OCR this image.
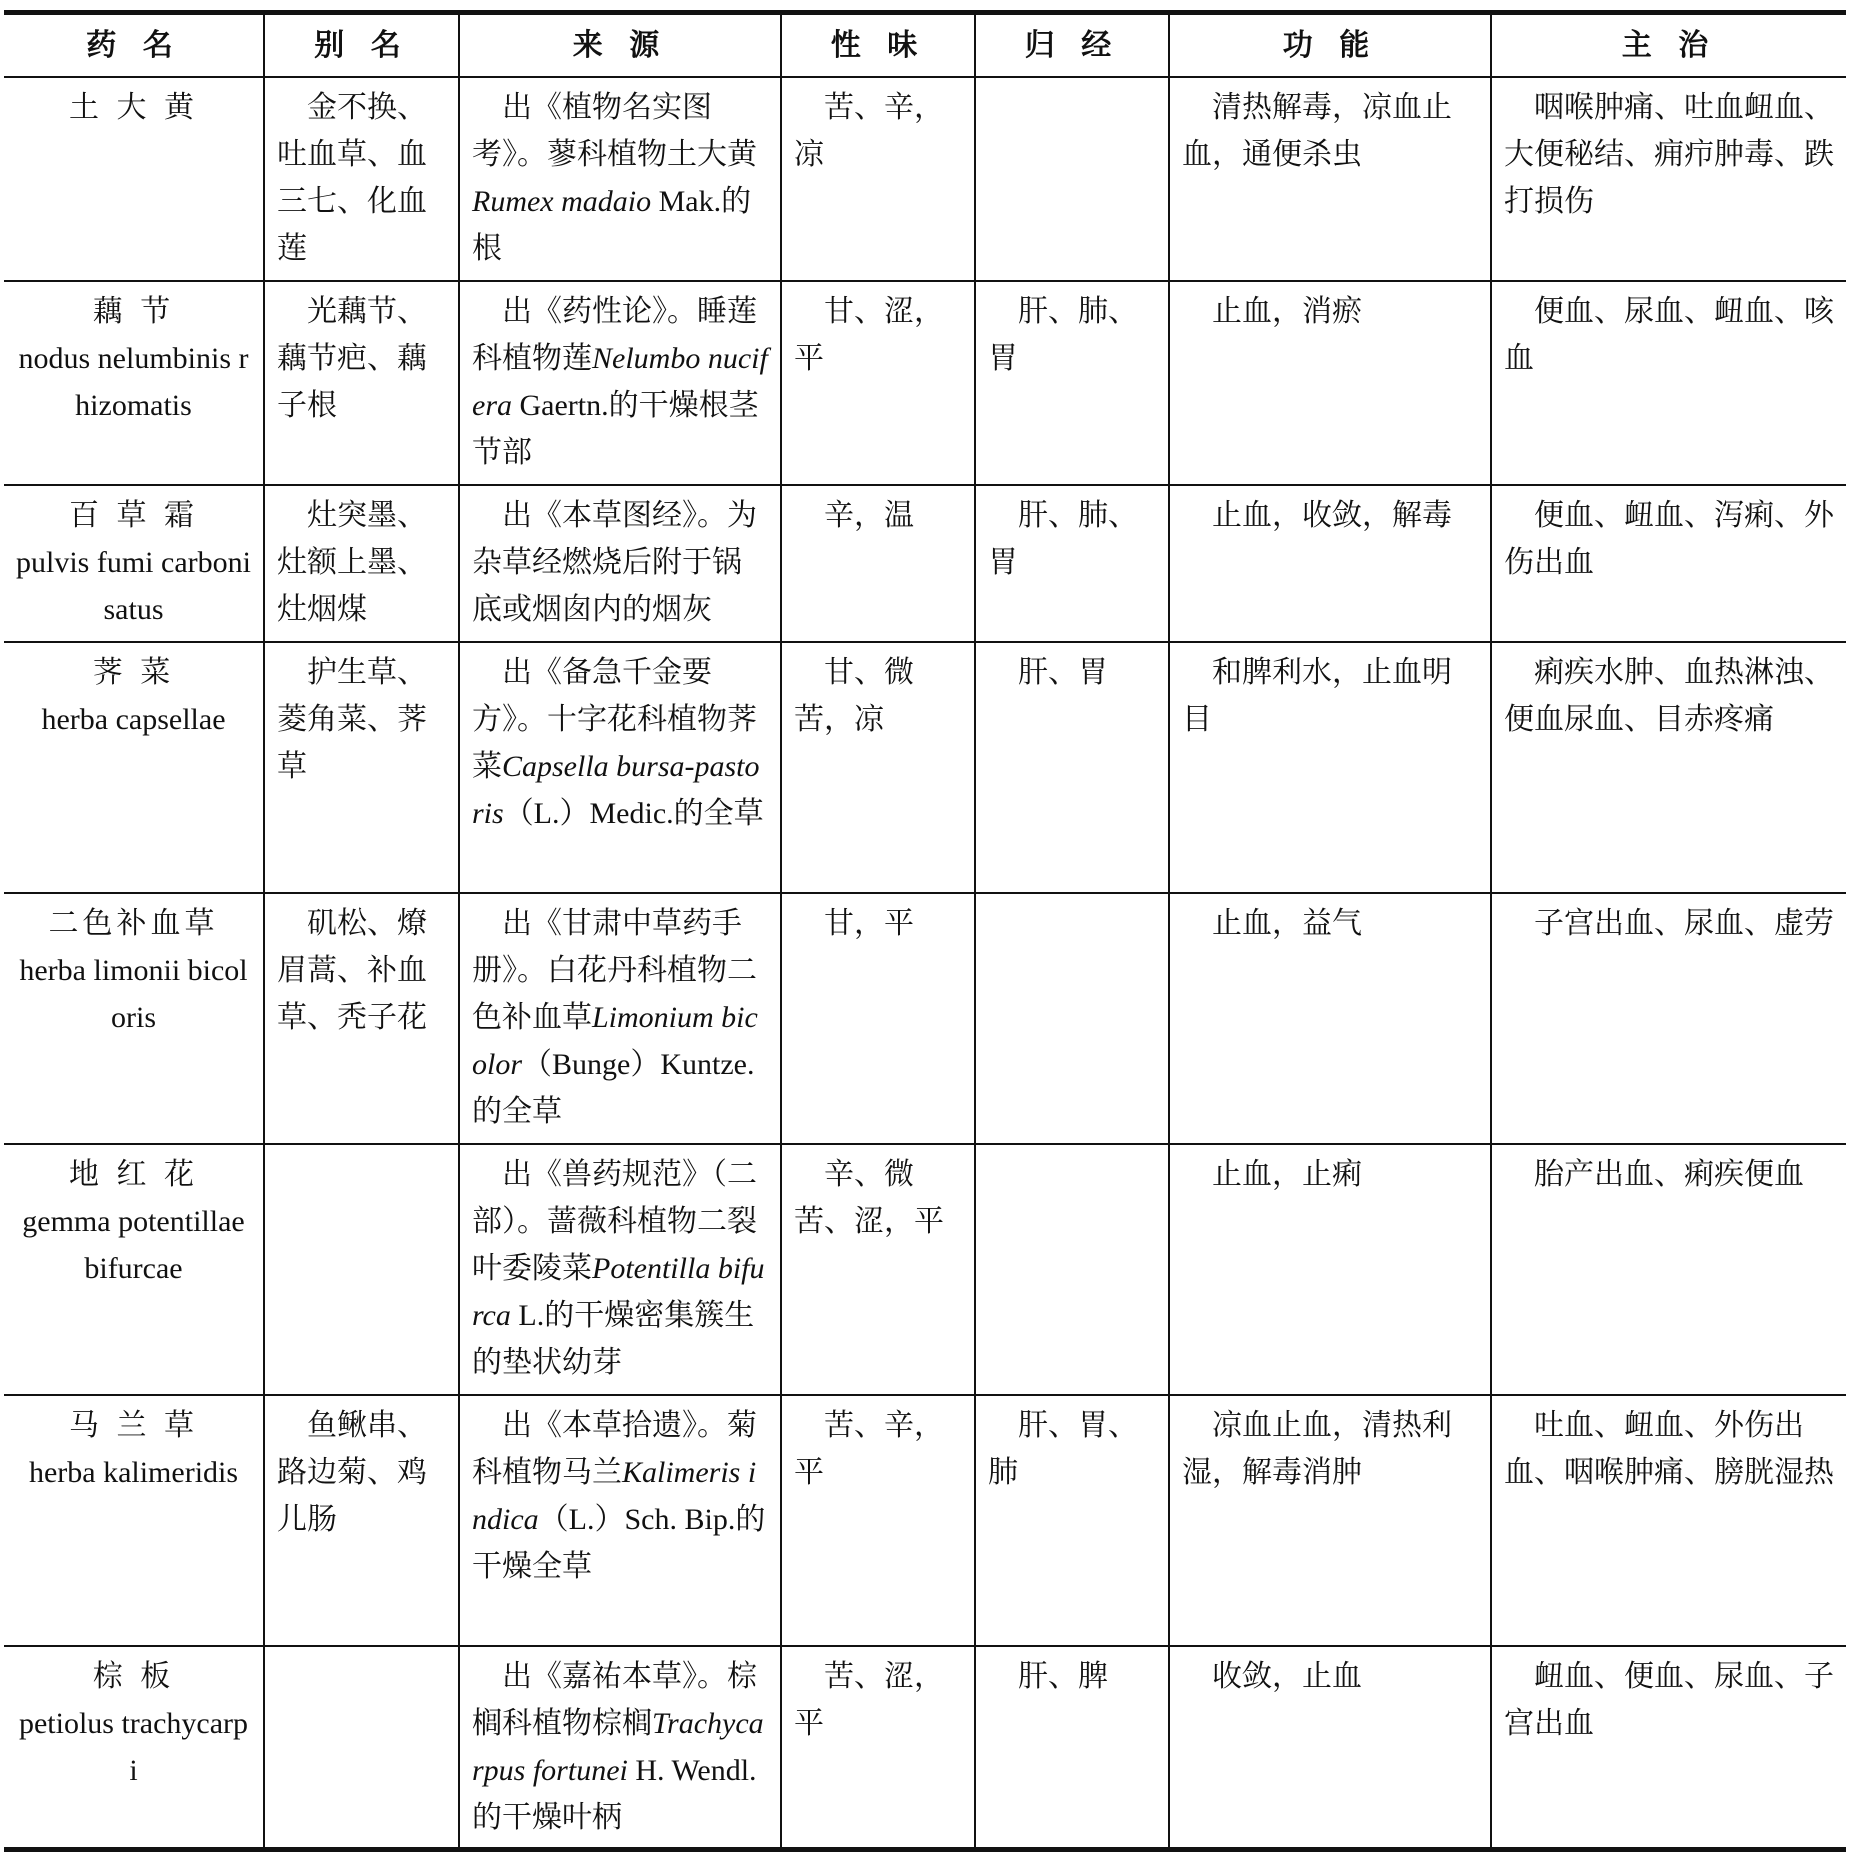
药 名	别 名	来 源	性 味	归 经	功 能	主 治

土 大 黄	金不换、吐血草、血三七、化血莲	出《植物名实图考》。蓼科植物土大黄Rumex madaio Mak.的根	苦、辛，凉		清热解毒，凉血止血，通便杀虫	咽喉肿痛、吐血衄血、大便秘结、痈疖肿毒、跌打损伤

藕 节
nodus nelumbinis rhizomatis	光藕节、藕节疤、藕子根	出《药性论》。睡莲科植物莲Nelumbo nucifera Gaertn.的干燥根茎节部	甘、涩，平	肝、肺、胃	止血，消瘀	便血、尿血、衄血、咳血

百 草 霜
pulvis fumi carbonisatus	灶突墨、灶额上墨、灶烟煤	出《本草图经》。为杂草经燃烧后附于锅底或烟囱内的烟灰	辛，温	肝、肺、胃	止血，收敛，解毒	便血、衄血、泻痢、外伤出血

荠 菜
herba capsellae	护生草、菱角菜、荠草	出《备急千金要方》。十字花科植物荠菜Capsella bursa-pastoris（L.）Medic.的全草	甘、微苦，凉	肝、胃	和脾利水，止血明目	痢疾水肿、血热淋浊、便血尿血、目赤疼痛

二色补血草
herba limonii bicoloris	矶松、燎眉蒿、补血草、秃子花	出《甘肃中草药手册》。白花丹科植物二色补血草Limonium bicolor（Bunge）Kuntze.的全草	甘，平		止血，益气	子宫出血、尿血、虚劳

地 红 花
gemma potentillae bifurcae		出《兽药规范》（二部）。蔷薇科植物二裂叶委陵菜Potentilla bifurca L.的干燥密集簇生的垫状幼芽	辛、微苦、涩，平		止血，止痢	胎产出血、痢疾便血

马 兰 草
herba kalimeridis	鱼鳅串、路边菊、鸡儿肠	出《本草拾遗》。菊科植物马兰Kalimeris indica（L.）Sch. Bip.的干燥全草	苦、辛，平	肝、胃、肺	凉血止血，清热利湿，解毒消肿	吐血、衄血、外伤出血、咽喉肿痛、膀胱湿热

棕 板
petiolus trachycarpi		出《嘉祐本草》。棕榈科植物棕榈Trachycarpus fortunei H. Wendl.的干燥叶柄	苦、涩，平	肝、脾	收敛，止血	衄血、便血、尿血、子宫出血
